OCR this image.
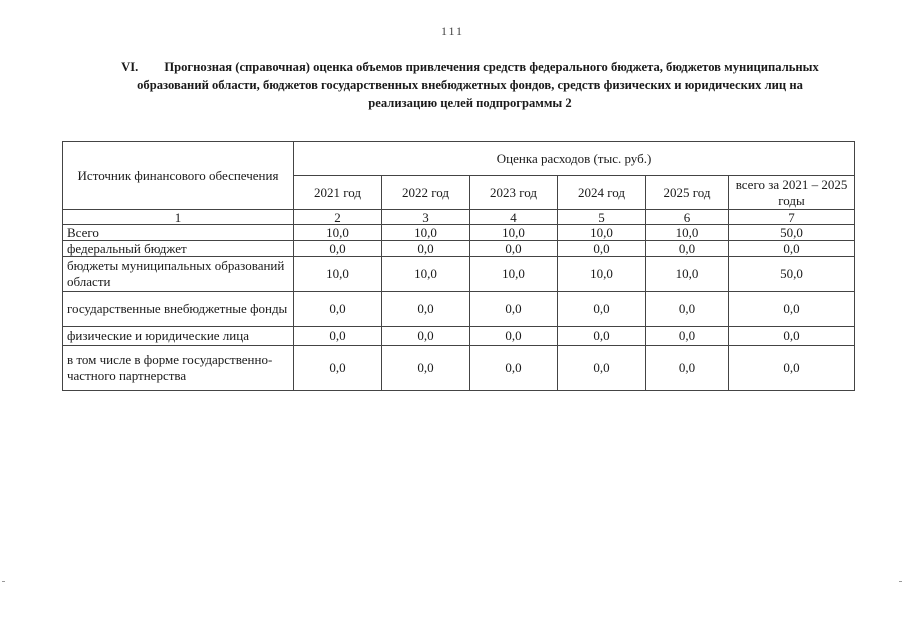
111
VI. Прогнозная (справочная) оценка объемов привлечения средств федерального бюджета, бюджетов муниципальных образований области, бюджетов государственных внебюджетных фондов, средств физических и юридических лиц на реализацию целей подпрограммы 2
Источник финансового обеспечения	Оценка расходов (тыс. руб.)					
	2021 год	2022 год	2023 год	2024 год	2025 год	всего за 2021 – 2025 годы
1	2	3	4	5	6	7
Всего	10,0	10,0	10,0	10,0	10,0	50,0
федеральный бюджет	0,0	0,0	0,0	0,0	0,0	0,0
бюджеты муниципальных образований области	10,0	10,0	10,0	10,0	10,0	50,0
государственные внебюджетные фонды	0,0	0,0	0,0	0,0	0,0	0,0
физические и юридические лица	0,0	0,0	0,0	0,0	0,0	0,0
в том числе в форме государственно-частного партнерства	0,0	0,0	0,0	0,0	0,0	0,0
